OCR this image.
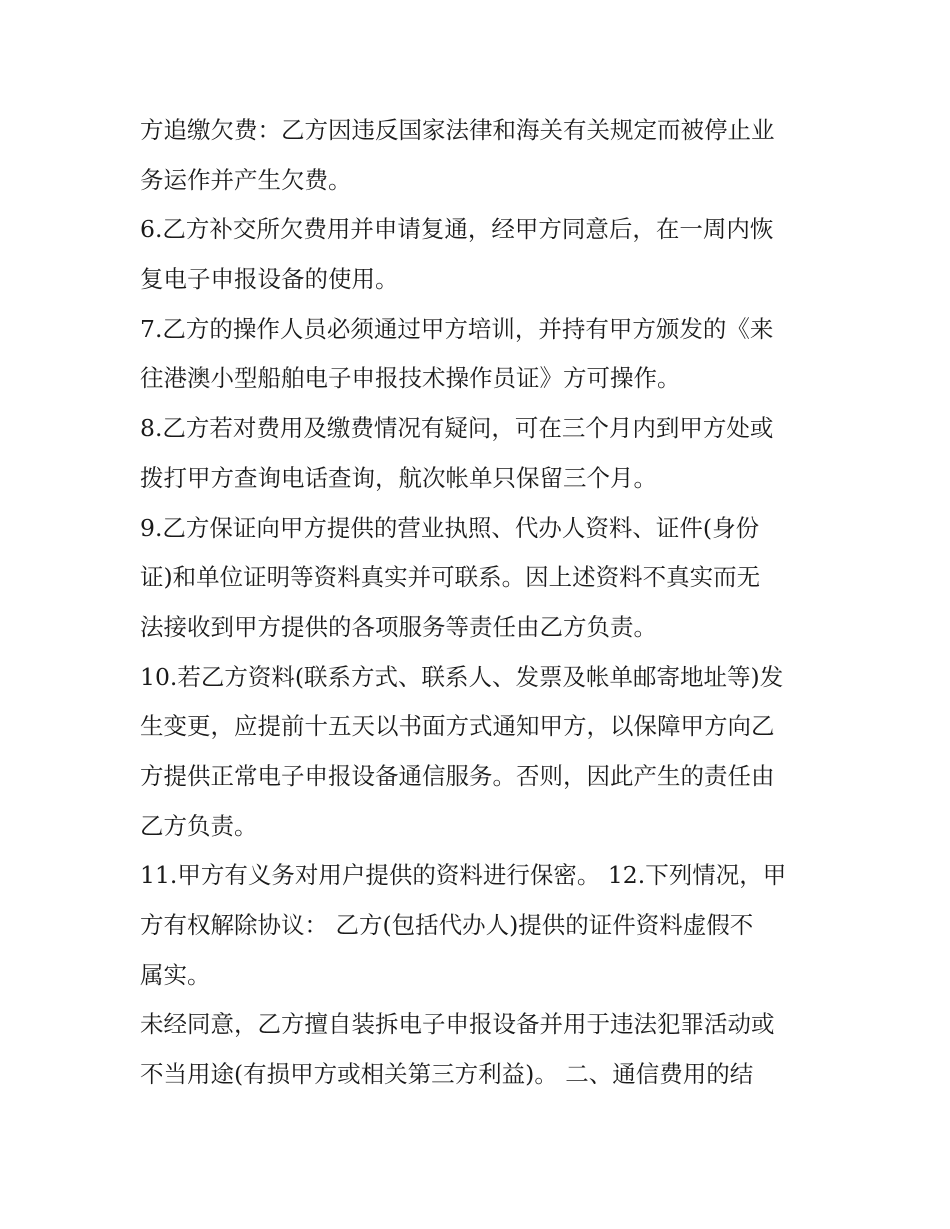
方追缴欠费：乙方因违反国家法律和海关有关规定而被停止业
务运作并产生欠费。
6.乙方补交所欠费用并申请复通，经甲方同意后，在一周内恢
复电子申报设备的使用。
7.乙方的操作人员必须通过甲方培训，并持有甲方颁发的《来
往港澳小型船舶电子申报技术操作员证》方可操作。
8.乙方若对费用及缴费情况有疑问，可在三个月内到甲方处或
拨打甲方查询电话查询，航次帐单只保留三个月。
9.乙方保证向甲方提供的营业执照、代办人资料、证件(身份
证)和单位证明等资料真实并可联系。因上述资料不真实而无
法接收到甲方提供的各项服务等责任由乙方负责。
10.若乙方资料(联系方式、联系人、发票及帐单邮寄地址等)发
生变更，应提前十五天以书面方式通知甲方，以保障甲方向乙
方提供正常电子申报设备通信服务。否则，因此产生的责任由
乙方负责。
11.甲方有义务对用户提供的资料进行保密。 12.下列情况，甲
方有权解除协议： 乙方(包括代办人)提供的证件资料虚假不
属实。
未经同意，乙方擅自装拆电子申报设备并用于违法犯罪活动或
不当用途(有损甲方或相关第三方利益)。 二、通信费用的结
